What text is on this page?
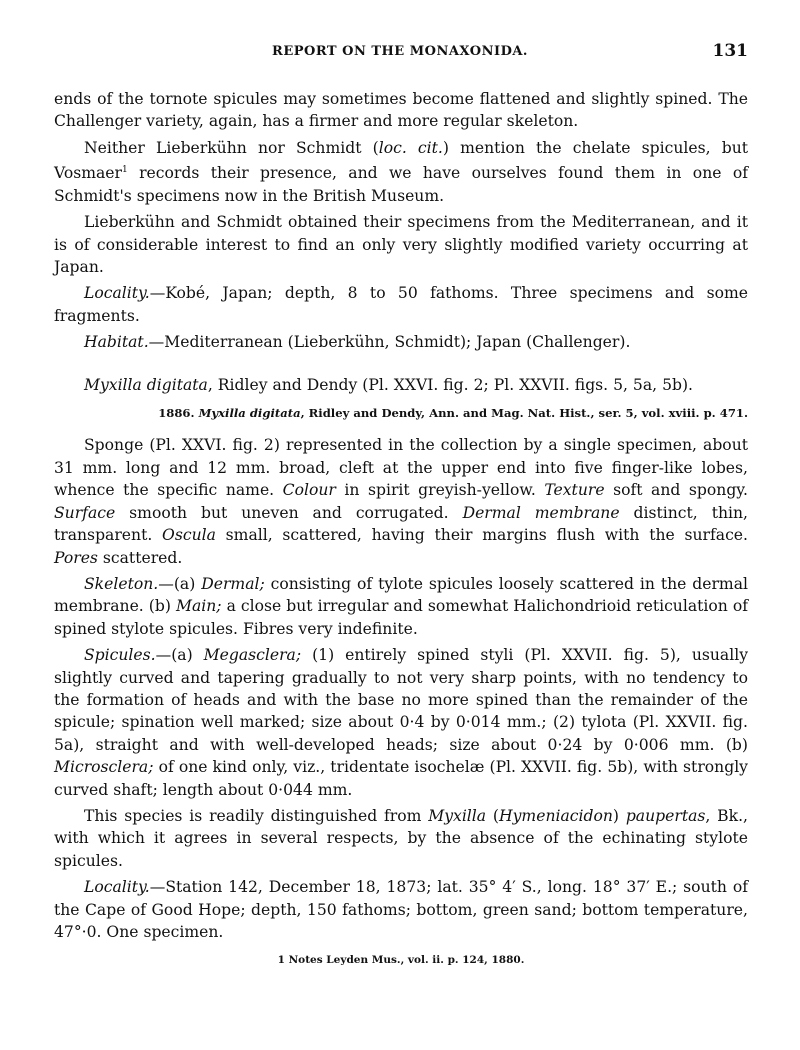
REPORT ON THE MONAXONIDA.	131

ends of the tornote spicules may sometimes become flattened and slightly spined. The Challenger variety, again, has a firmer and more regular skeleton.

Neither Lieberkühn nor Schmidt (loc. cit.) mention the chelate spicules, but Vosmaer$^1$ records their presence, and we have ourselves found them in one of Schmidt's specimens now in the British Museum.

Lieberkühn and Schmidt obtained their specimens from the Mediterranean, and it is of considerable interest to find an only very slightly modified variety occurring at Japan.

Locality.—Kobé, Japan; depth, 8 to 50 fathoms. Three specimens and some fragments.

Habitat.—Mediterranean (Lieberkühn, Schmidt); Japan (Challenger).

Myxilla digitata, Ridley and Dendy (Pl. XXVI. fig. 2; Pl. XXVII. figs. 5, 5a, 5b).
1886. Myxilla digitata, Ridley and Dendy, Ann. and Mag. Nat. Hist., ser. 5, vol. xviii. p. 471.

Sponge (Pl. XXVI. fig. 2) represented in the collection by a single specimen, about 31 mm. long and 12 mm. broad, cleft at the upper end into five finger-like lobes, whence the specific name. Colour in spirit greyish-yellow. Texture soft and spongy. Surface smooth but uneven and corrugated. Dermal membrane distinct, thin, transparent. Oscula small, scattered, having their margins flush with the surface. Pores scattered.

Skeleton.—(a) Dermal; consisting of tylote spicules loosely scattered in the dermal membrane. (b) Main; a close but irregular and somewhat Halichondrioid reticulation of spined stylote spicules. Fibres very indefinite.

Spicules.—(a) Megasclera; (1) entirely spined styli (Pl. XXVII. fig. 5), usually slightly curved and tapering gradually to not very sharp points, with no tendency to the formation of heads and with the base no more spined than the remainder of the spicule; spination well marked; size about 0·4 by 0·014 mm.; (2) tylota (Pl. XXVII. fig. 5a), straight and with well-developed heads; size about 0·24 by 0·006 mm. (b) Microsclera; of one kind only, viz., tridentate isochelæ (Pl. XXVII. fig. 5b), with strongly curved shaft; length about 0·044 mm.

This species is readily distinguished from Myxilla (Hymeniacidon) paupertas, Bk., with which it agrees in several respects, by the absence of the echinating stylote spicules.

Locality.—Station 142, December 18, 1873; lat. 35° 4′ S., long. 18° 37′ E.; south of the Cape of Good Hope; depth, 150 fathoms; bottom, green sand; bottom temperature, 47°·0. One specimen.

1 Notes Leyden Mus., vol. ii. p. 124, 1880.
